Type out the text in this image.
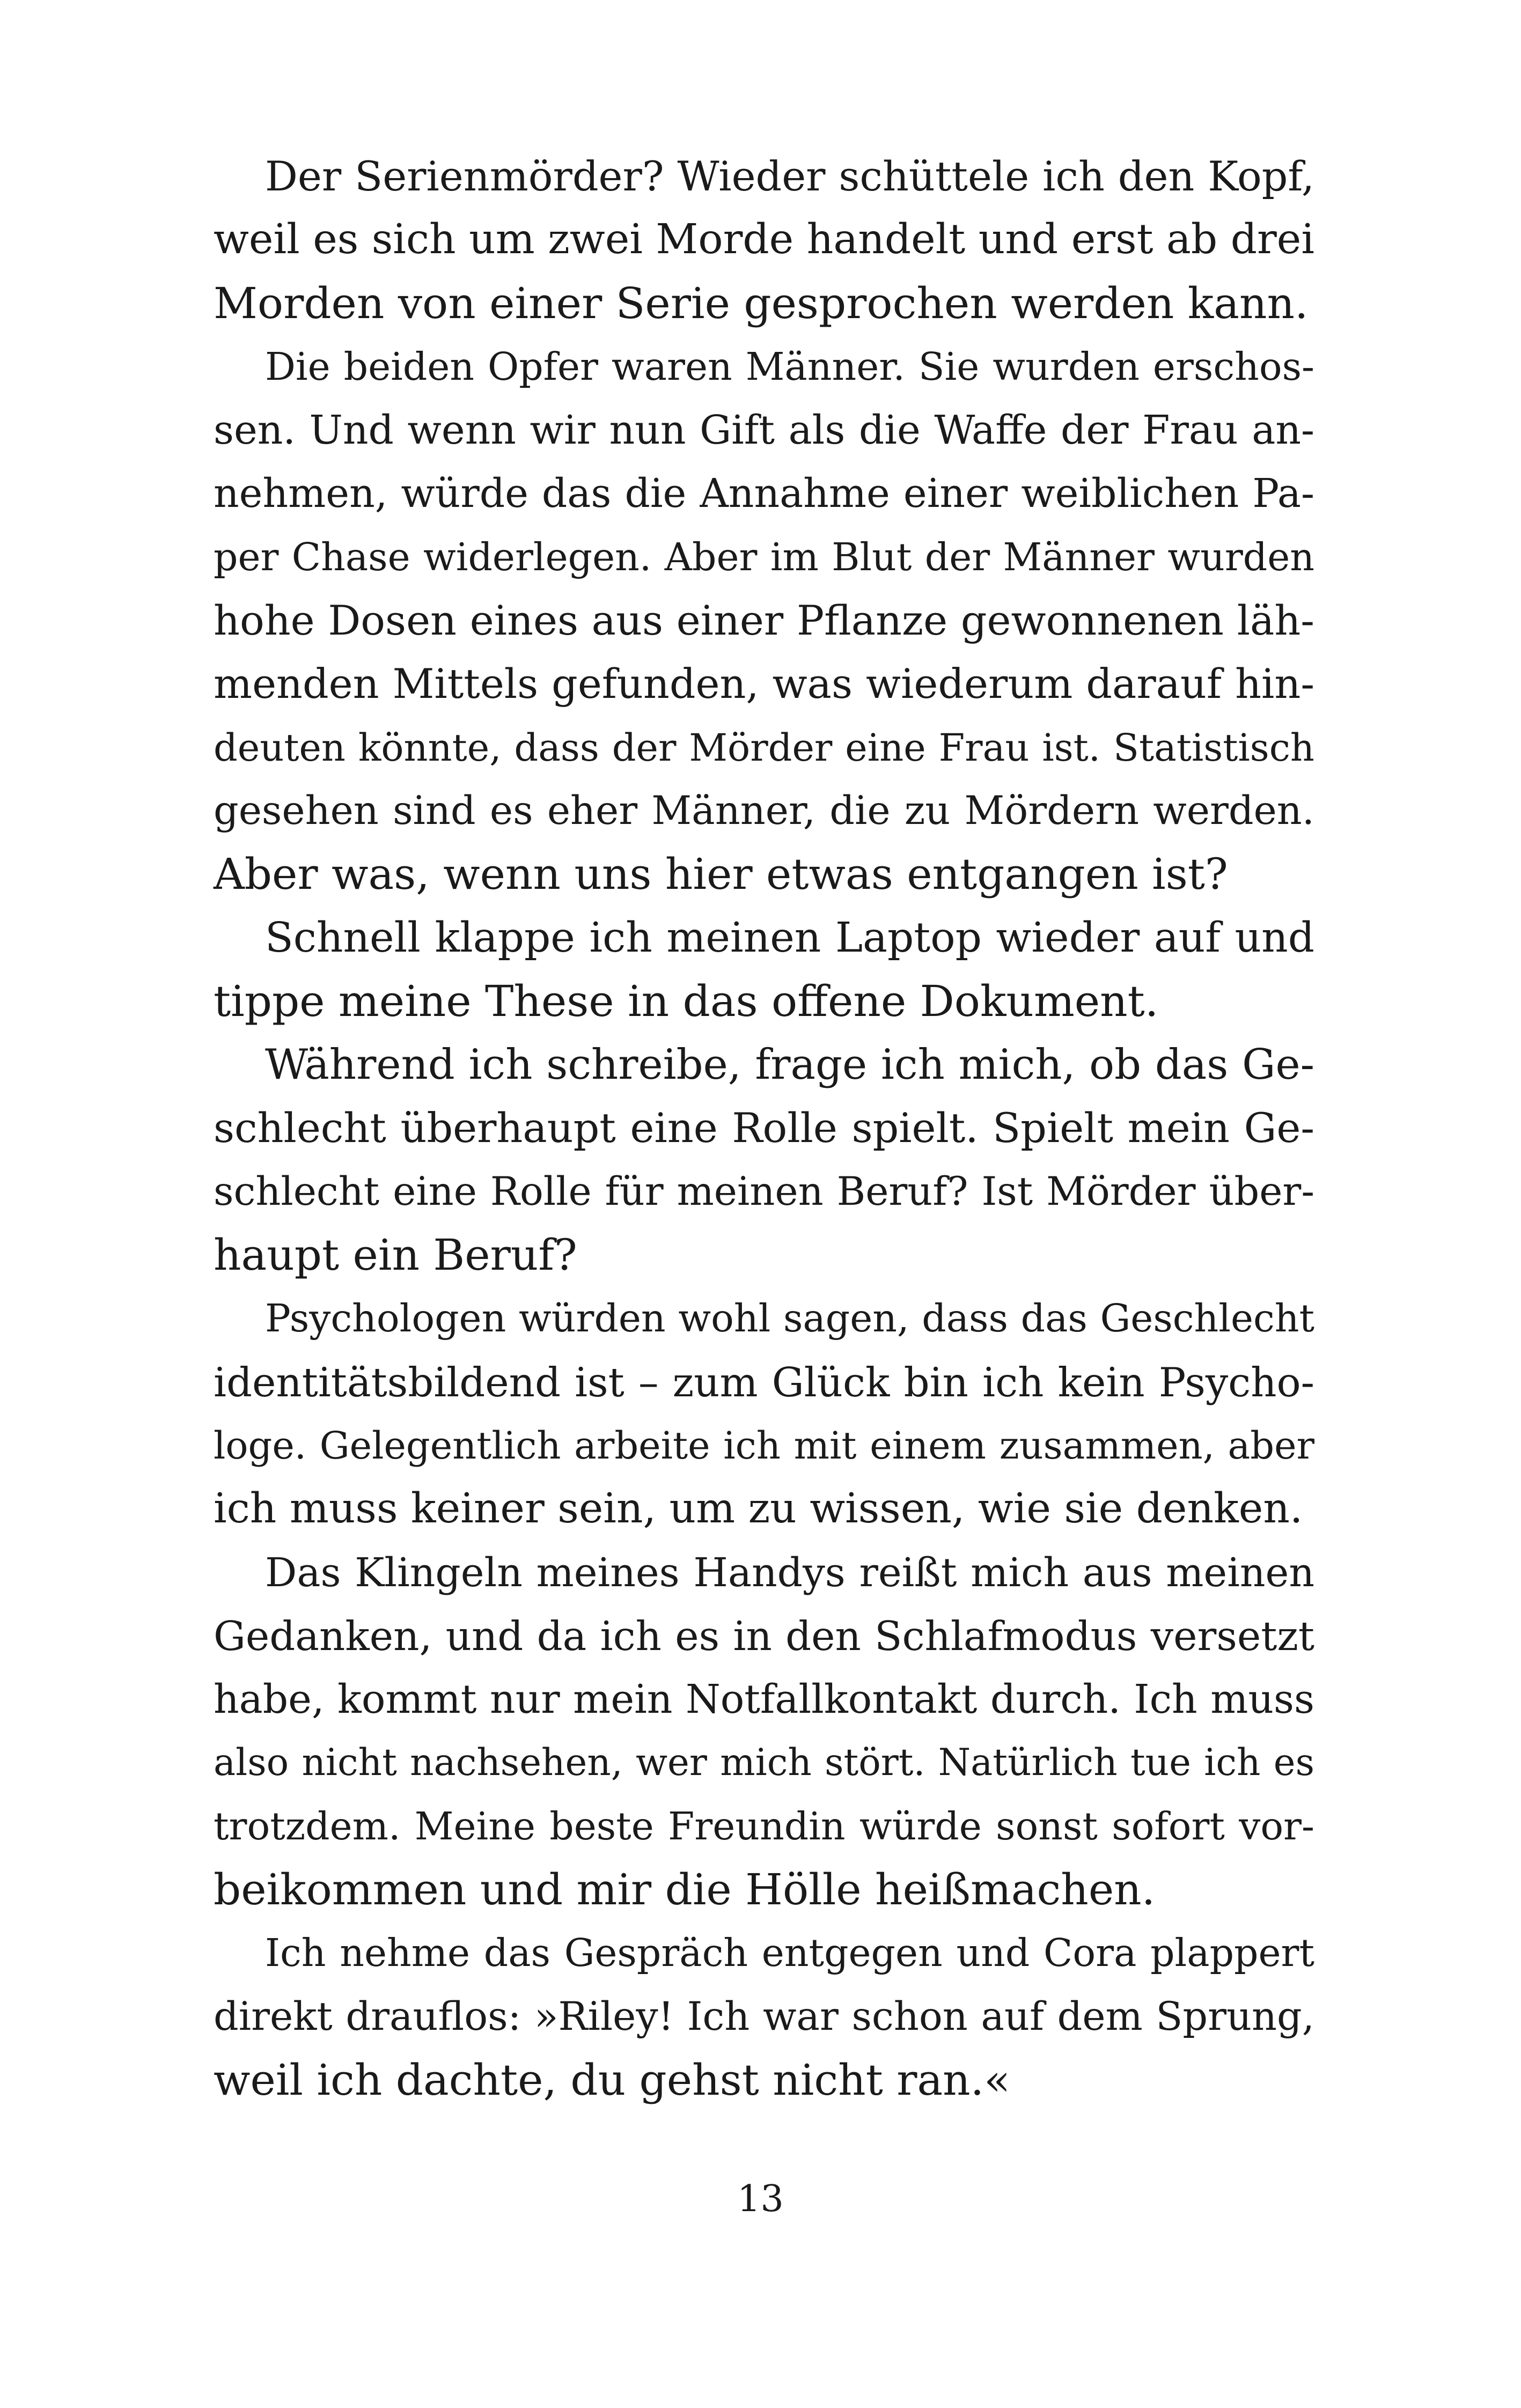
Der Serienmörder? Wieder schüttele ich den Kopf,
weil es sich um zwei Morde handelt und erst ab drei
Morden von einer Serie gesprochen werden kann.
Die beiden Opfer waren Männer. Sie wurden erschos-
sen. Und wenn wir nun Gift als die Waffe der Frau an-
nehmen, würde das die Annahme einer weiblichen Pa-
per Chase widerlegen. Aber im Blut der Männer wurden
hohe Dosen eines aus einer Pflanze gewonnenen läh-
menden Mittels gefunden, was wiederum darauf hin-
deuten könnte, dass der Mörder eine Frau ist. Statistisch
gesehen sind es eher Männer, die zu Mördern werden.
Aber was, wenn uns hier etwas entgangen ist?
Schnell klappe ich meinen Laptop wieder auf und
tippe meine These in das offene Dokument.
Während ich schreibe, frage ich mich, ob das Ge-
schlecht überhaupt eine Rolle spielt. Spielt mein Ge-
schlecht eine Rolle für meinen Beruf? Ist Mörder über-
haupt ein Beruf?
Psychologen würden wohl sagen, dass das Geschlecht
identitätsbildend ist – zum Glück bin ich kein Psycho-
loge. Gelegentlich arbeite ich mit einem zusammen, aber
ich muss keiner sein, um zu wissen, wie sie denken.
Das Klingeln meines Handys reißt mich aus meinen
Gedanken, und da ich es in den Schlafmodus versetzt
habe, kommt nur mein Notfallkontakt durch. Ich muss
also nicht nachsehen, wer mich stört. Natürlich tue ich es
trotzdem. Meine beste Freundin würde sonst sofort vor-
beikommen und mir die Hölle heißmachen.
Ich nehme das Gespräch entgegen und Cora plappert
direkt drauflos: »Riley! Ich war schon auf dem Sprung,
weil ich dachte, du gehst nicht ran.«
13
